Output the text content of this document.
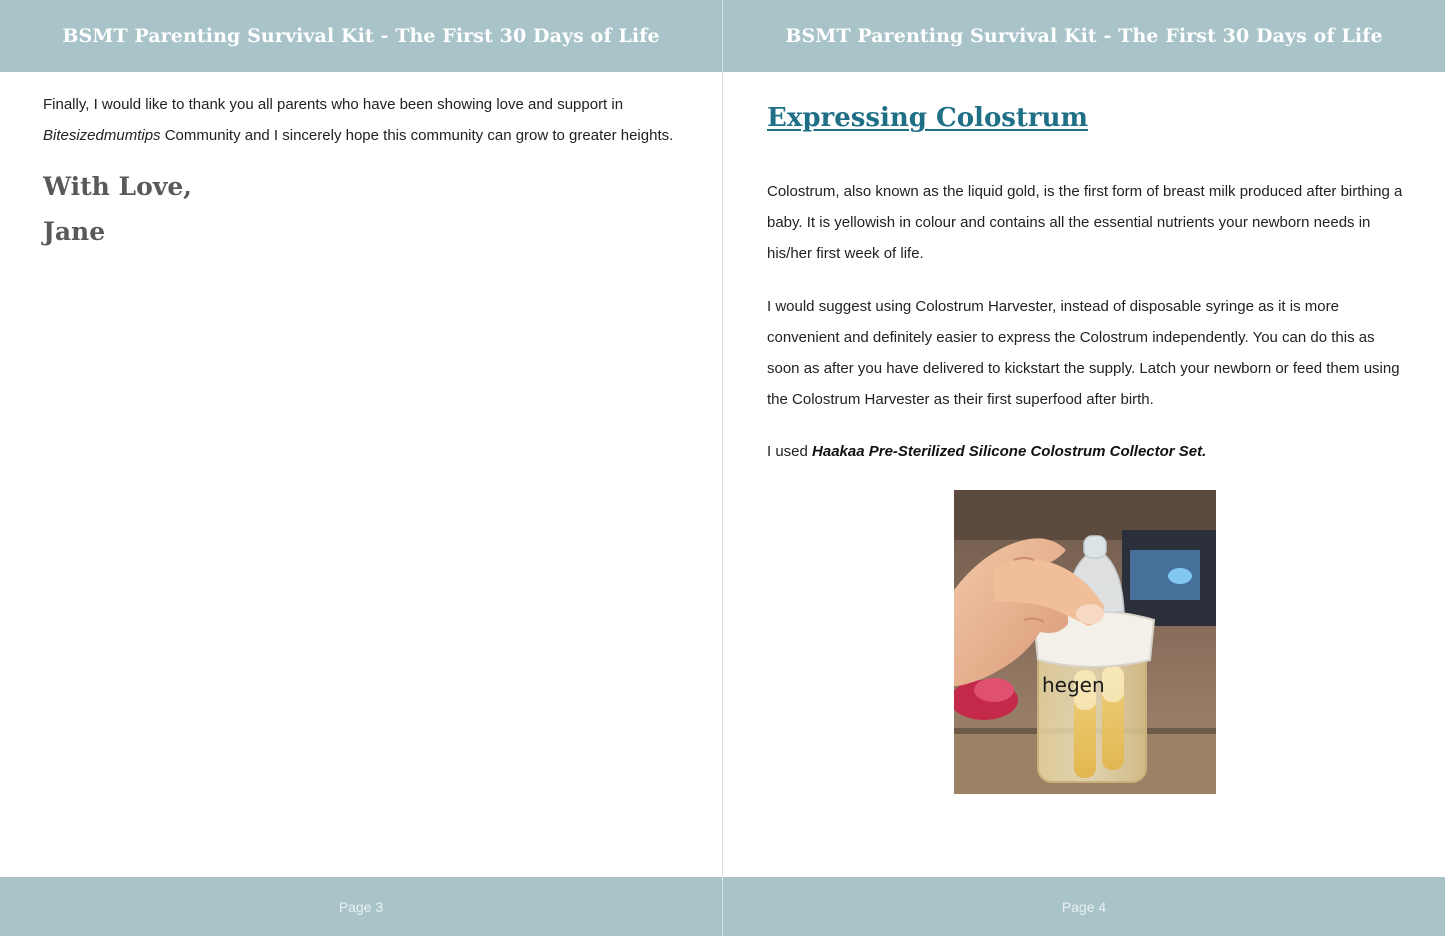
BSMT Parenting Survival Kit - The First 30 Days of Life

Finally, I would like to thank you all parents who have been showing love and support in Bitesizedmumtips Community and I sincerely hope this community can grow to greater heights.

With Love,
Jane
Page 3
BSMT Parenting Survival Kit - The First 30 Days of Life
Expressing Colostrum

Colostrum, also known as the liquid gold, is the first form of breast milk produced after birthing a baby. It is yellowish in colour and contains all the essential nutrients your newborn needs in his/her first week of life.

I would suggest using Colostrum Harvester, instead of disposable syringe as it is more convenient and definitely easier to express the Colostrum independently. You can do this as soon as after you have delivered to kickstart the supply. Latch your newborn or feed them using the Colostrum Harvester as their first superfood after birth.

I used Haakaa Pre-Sterilized Silicone Colostrum Collector Set.

hegen
Page 4
